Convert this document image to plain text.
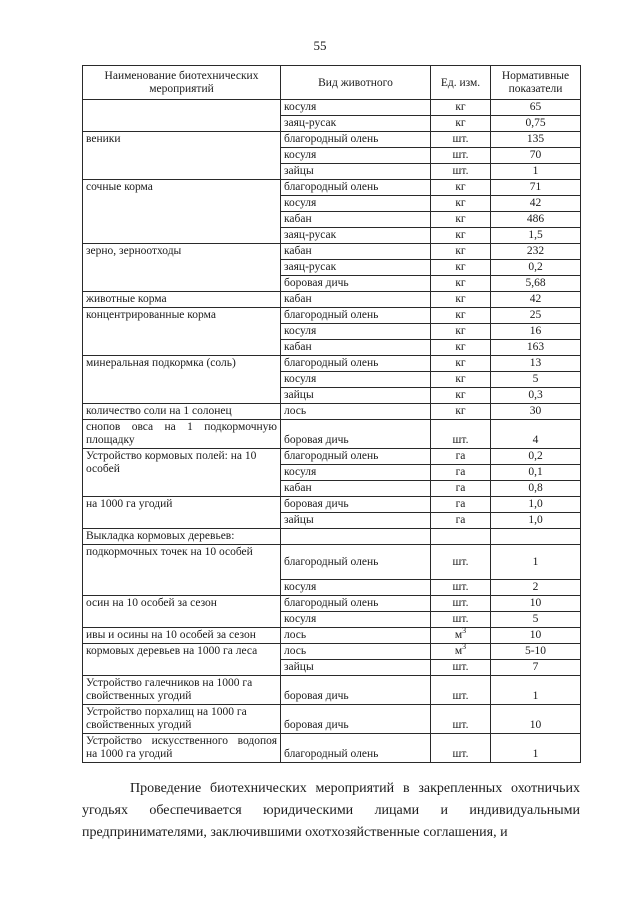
55
Наименование биотехнических мероприятий	Вид животного	Ед. изм.	Нормативные показатели
	косуля	кг	65
	заяц-русак	кг	0,75
веники	благородный олень	шт.	135
	косуля	шт.	70
	зайцы	шт.	1
сочные корма	благородный олень	кг	71
	косуля	кг	42
	кабан	кг	486
	заяц-русак	кг	1,5
зерно, зерноотходы	кабан	кг	232
	заяц-русак	кг	0,2
	боровая дичь	кг	5,68
животные корма	кабан	кг	42
концентрированные корма	благородный олень	кг	25
	косуля	кг	16
	кабан	кг	163
минеральная подкормка (соль)	благородный олень	кг	13
	косуля	кг	5
	зайцы	кг	0,3
количество соли на 1 солонец	лось	кг	30
снопов овса на 1 подкормочную площадку	боровая дичь	шт.	4
Устройство кормовых полей: на 10 особей	благородный олень	га	0,2
	косуля	га	0,1
	кабан	га	0,8
на 1000 га угодий	боровая дичь	га	1,0
	зайцы	га	1,0
Выкладка кормовых деревьев:			
подкормочных точек на 10 особей	благородный олень	шт.	1
	косуля	шт.	2
осин на 10 особей за сезон	благородный олень	шт.	10
	косуля	шт.	5
ивы и осины на 10 особей за сезон	лось	$м^3$	10
кормовых деревьев на 1000 га леса	лось	$м^3$	5-10
	зайцы	шт.	7
Устройство галечников на 1000 га свойственных угодий	боровая дичь	шт.	1
Устройство порхалищ на 1000 га свойственных угодий	боровая дичь	шт.	10
Устройство искусственного водопоя на 1000 га угодий	благородный олень	шт.	1

Проведение биотехнических мероприятий в закрепленных охотничьих угодьях обеспечивается юридическими лицами и индивидуальными предпринимателями, заключившими охотхозяйственные соглашения, и
